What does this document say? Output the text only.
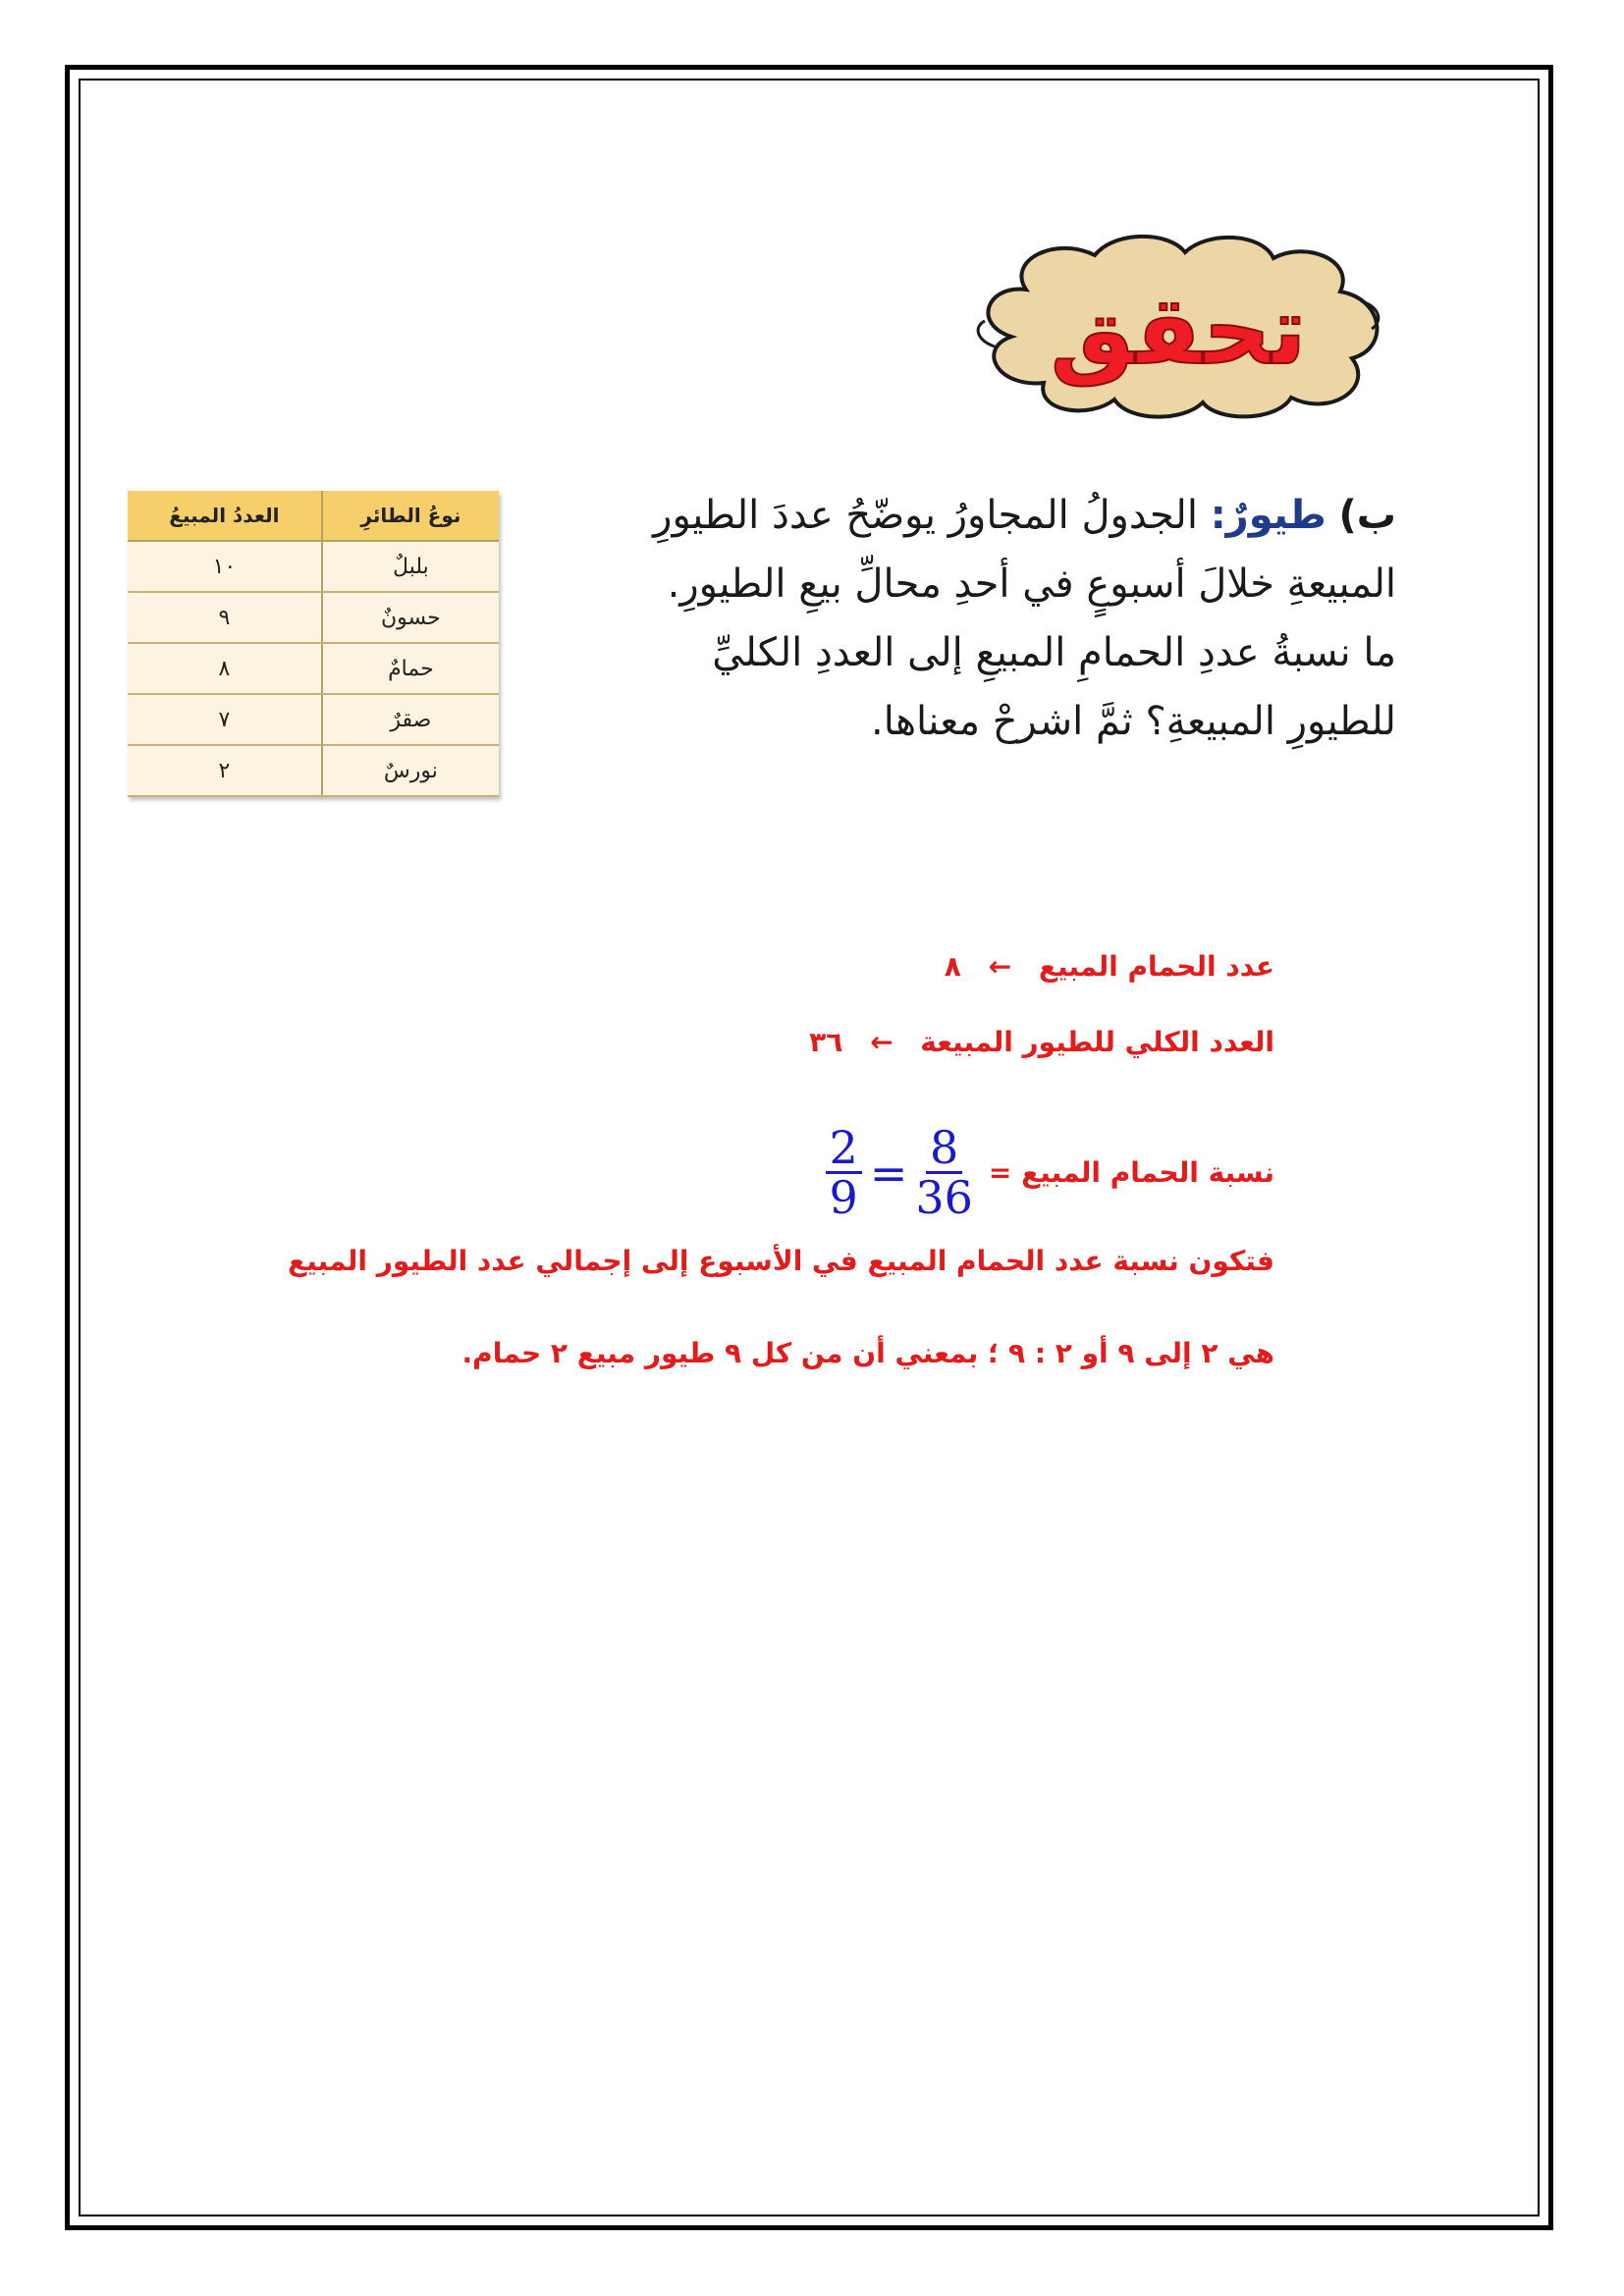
تحقق
ب) طيورٌ: الجدولُ المجاورُ يوضّحُ عددَ الطيورِ
المبيعةِ خلالَ أسبوعٍ في أحدِ محالِّ بيعِ الطيورِ.
ما نسبةُ عددِ الحمامِ المبيعِ إلى العددِ الكليِّ
للطيورِ المبيعةِ؟ ثمَّ اشرحْ معناها.
نوعُ الطائرِ	العددُ المبيعُ
بلبلٌ	١٠
حسونٌ	٩
حمامٌ	٨
صقرٌ	٧
نورسٌ	٢
عدد الحمام المبيع ← ٨
العدد الكلي للطيور المبيعة ← ٣٦
نسبة الحمام المبيع =
$\frac{2}{9} = \frac{8}{36}$
فتكون نسبة عدد الحمام المبيع في الأسبوع إلى إجمالي عدد الطيور المبيع
هي ٢ إلى ٩ أو ٢ : ٩ ؛ بمعني أن من كل ٩ طيور مبيع ٢ حمام.
